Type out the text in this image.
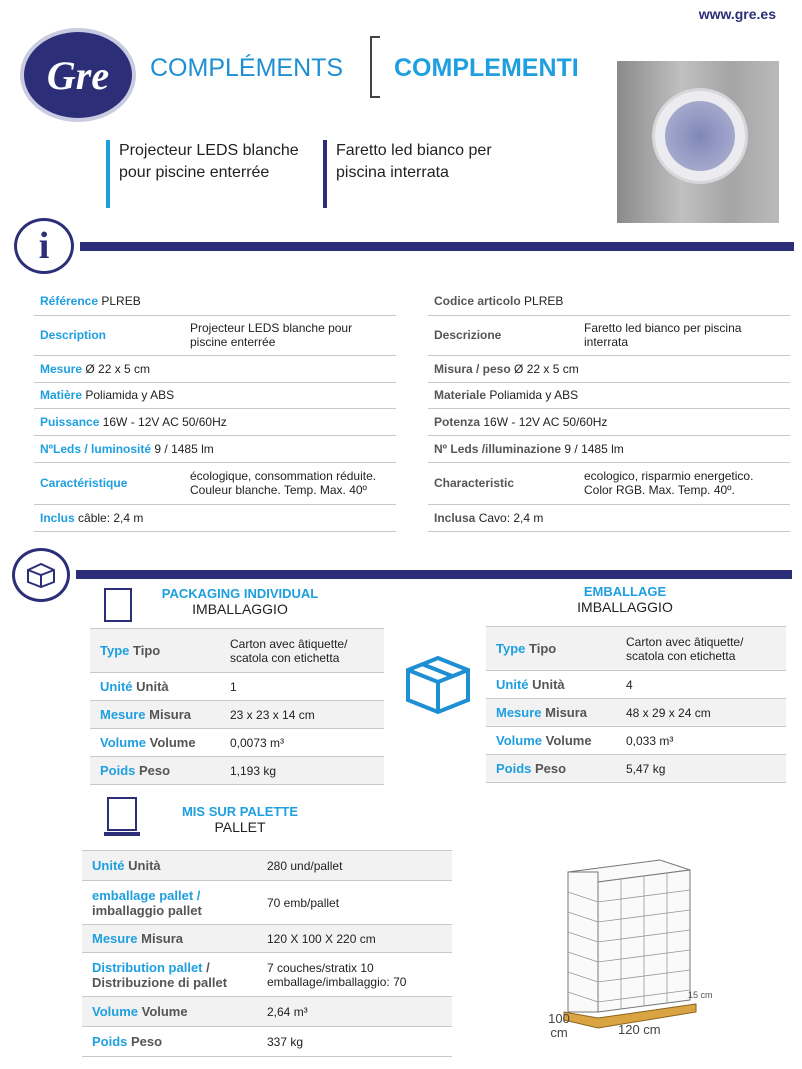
www.gre.es
Gre COMPLÉMENTS COMPLEMENTI
Projecteur LEDS blanche pour piscine enterrée
Faretto led bianco per piscina interrata
i
Référence PLREB	
Description	Projecteur LEDS blanche pour piscine enterrée
Mesure Ø 22 x 5 cm	
Matière Poliamida y ABS	
Puissance 16W - 12V AC 50/60Hz	
NºLeds / luminosité 9 / 1485 lm	
Caractéristique	écologique, consommation réduite. Couleur blanche. Temp. Max. 40º
Inclus câble: 2,4 m	
Codice articolo PLREB	
Descrizione	Faretto led bianco per piscina interrata
Misura / peso Ø 22 x 5 cm	
Materiale Poliamida y ABS	
Potenza 16W - 12V AC 50/60Hz	
Nº Leds /illuminazione 9 / 1485 lm	
Characteristic	ecologico, risparmio energetico. Color RGB. Max. Temp. 40º.
Inclusa Cavo: 2,4 m	
PACKAGING INDIVIDUAL
IMBALLAGGIO
Type Tipo	Carton avec âtiquette/ scatola con etichetta
Unité Unità	1
Mesure Misura	23 x 23 x 14 cm
Volume Volume	0,0073 m³
Poids Peso	1,193 kg
EMBALLAGE
IMBALLAGGIO
Type Tipo	Carton avec âtiquette/ scatola con etichetta
Unité Unità	4
Mesure Misura	48 x 29 x 24 cm
Volume Volume	0,033 m³
Poids Peso	5,47 kg
MIS SUR PALETTE
PALLET
Unité Unità	280 und/pallet
emballage pallet / imballaggio pallet	70 emb/pallet
Mesure Misura	120 X 100 X 220 cm
Distribution pallet / Distribuzione di pallet	7 couches/stratix 10 emballage/imballaggio: 70
Volume Volume	2,64 m³
Poids Peso	337 kg
15 cm
100 cm	120 cm
